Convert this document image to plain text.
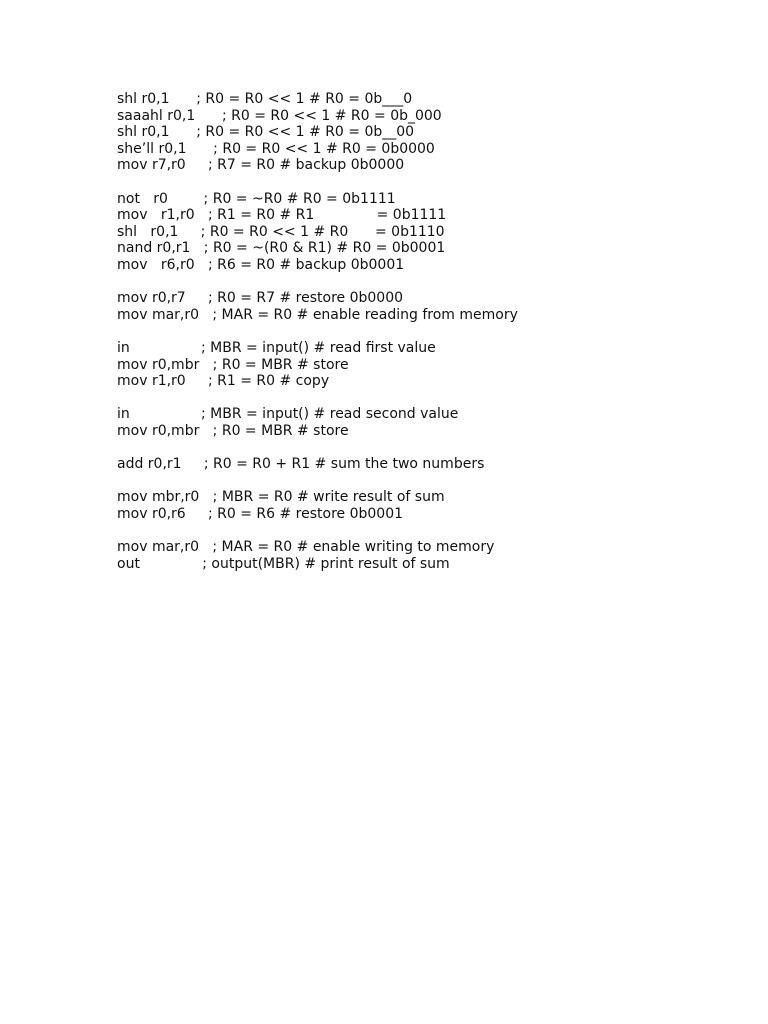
shl r0,1      ; R0 = R0 << 1 # R0 = 0b___0
saaahl r0,1      ; R0 = R0 << 1 # R0 = 0b_000
shl r0,1      ; R0 = R0 << 1 # R0 = 0b__00
she’ll r0,1      ; R0 = R0 << 1 # R0 = 0b0000
mov r7,r0     ; R7 = R0 # backup 0b0000
not   r0        ; R0 = ~R0 # R0 = 0b1111
mov   r1,r0   ; R1 = R0 # R1              = 0b1111
shl   r0,1     ; R0 = R0 << 1 # R0      = 0b1110
nand r0,r1   ; R0 = ~(R0 & R1) # R0 = 0b0001
mov   r6,r0   ; R6 = R0 # backup 0b0001
mov r0,r7     ; R0 = R7 # restore 0b0000
mov mar,r0   ; MAR = R0 # enable reading from memory
in                ; MBR = input() # read first value
mov r0,mbr   ; R0 = MBR # store
mov r1,r0     ; R1 = R0 # copy
in                ; MBR = input() # read second value
mov r0,mbr   ; R0 = MBR # store
add r0,r1     ; R0 = R0 + R1 # sum the two numbers
mov mbr,r0   ; MBR = R0 # write result of sum
mov r0,r6     ; R0 = R6 # restore 0b0001
mov mar,r0   ; MAR = R0 # enable writing to memory
out              ; output(MBR) # print result of sum
